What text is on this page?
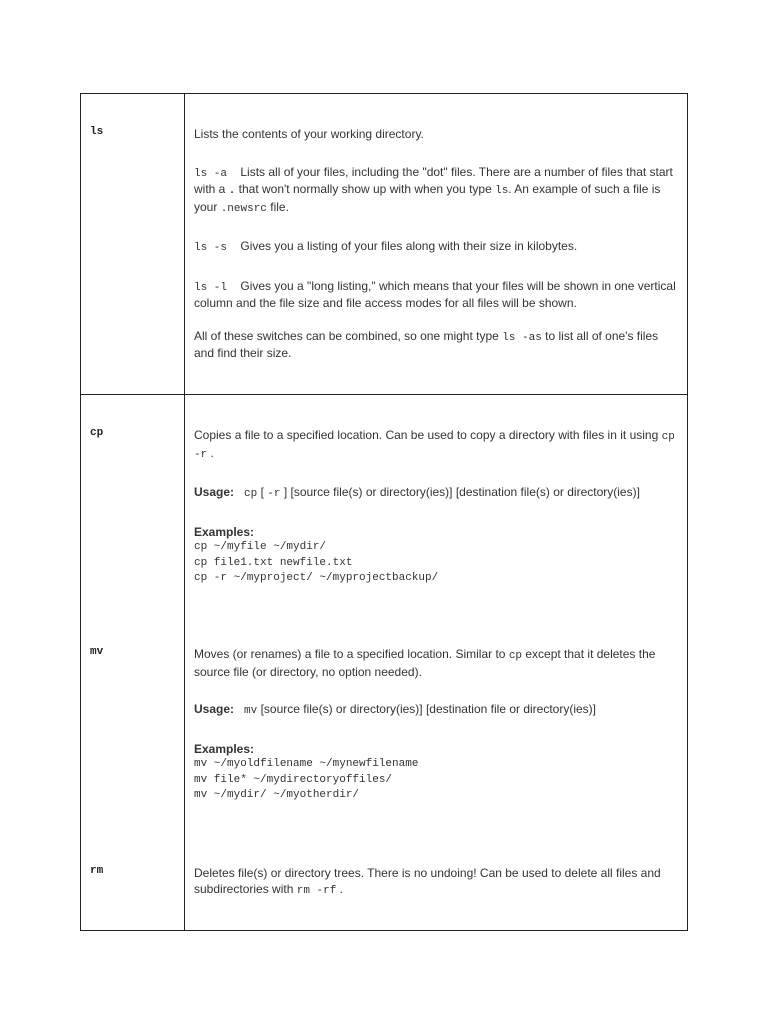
ls	Lists the contents of your working directory.

ls -a Lists all of your files, including the "dot" files. There are a number of files that start with a . that won't normally show up with when you type ls. An example of such a file is your .newsrc file.

ls -s Gives you a listing of your files along with their size in kilobytes.

ls -l Gives you a "long listing," which means that your files will be shown in one vertical column and the file size and file access modes for all files will be shown.

All of these switches can be combined, so one might type ls -as to list all of one's files and find their size.

cp	Copies a file to a specified location. Can be used to copy a directory with files in it using cp -r .

Usage: cp [ -r ] [source file(s) or directory(ies)] [destination file(s) or directory(ies)]

Examples:

cp ~/myfile ~/mydir/
cp file1.txt newfile.txt
cp -r ~/myproject/ ~/myprojectbackup/
mv	Moves (or renames) a file to a specified location. Similar to cp except that it deletes the source file (or directory, no option needed).

Usage: mv [source file(s) or directory(ies)] [destination file or directory(ies)]

Examples:

mv ~/myoldfilename ~/mynewfilename
mv file* ~/mydirectoryoffiles/
mv ~/mydir/ ~/myotherdir/
rm	Deletes file(s) or directory trees. There is no undoing! Can be used to delete all files and subdirectories with rm -rf .
